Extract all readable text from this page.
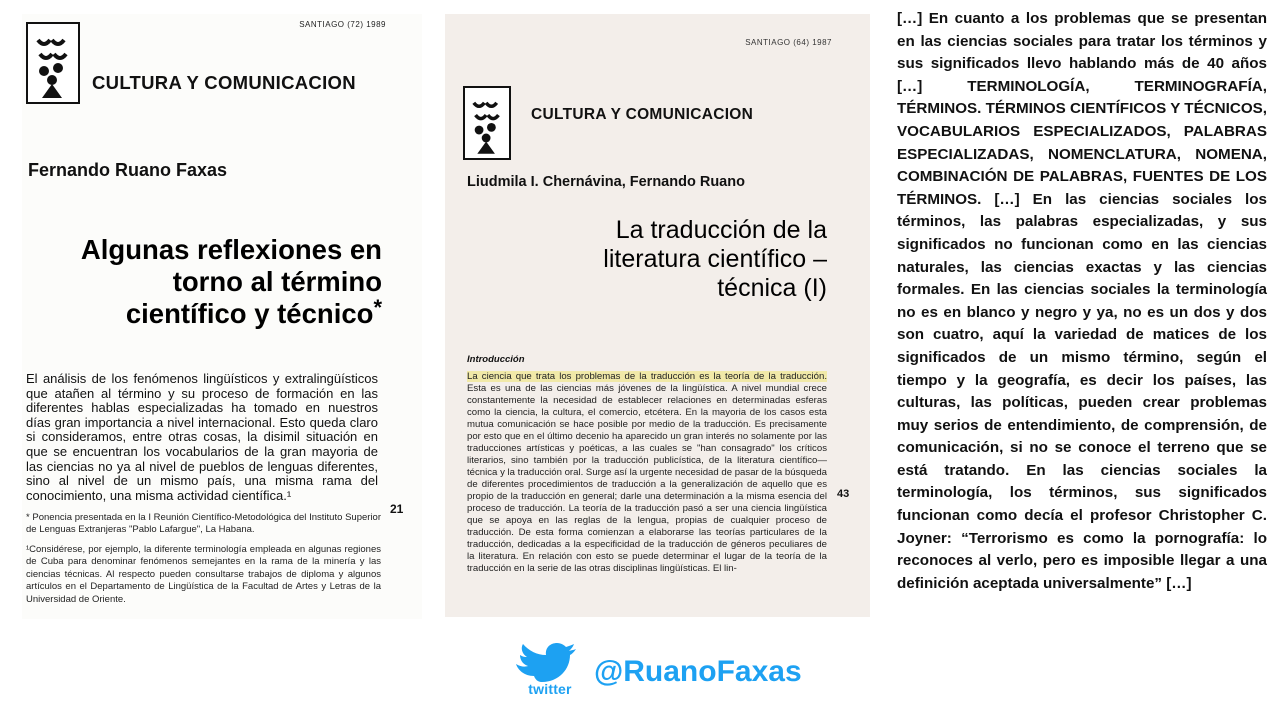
SANTIAGO (72) 1989
CULTURA Y COMUNICACION
Fernando Ruano Faxas
Algunas reflexiones en
torno al término
científico y técnico*
El análisis de los fenómenos lingüísticos y extralingüísticos que atañen al término y su proceso de formación en las diferentes hablas especializadas ha tomado en nuestros días gran importancia a nivel internacional. Esto queda claro si consideramos, entre otras cosas, la disimil situación en que se encuentran los vocabularios de la gran mayoria de las ciencias no ya al nivel de pueblos de lenguas diferentes, sino al nivel de un mismo país, una misma rama del conocimiento, una misma actividad científica.¹
21
* Ponencia presentada en la I Reunión Científico-Metodológica del Instituto Superior de Lenguas Extranjeras "Pablo Lafargue", La Habana.
¹Considérese, por ejemplo, la diferente terminología empleada en algunas regiones de Cuba para denominar fenómenos semejantes en la rama de la minería y las ciencias técnicas. Al respecto pueden consultarse trabajos de diploma y algunos artículos en el Departamento de Lingüística de la Facultad de Artes y Letras de la Universidad de Oriente.
SANTIAGO (64) 1987
CULTURA Y COMUNICACION
Liudmila I. Chernávina, Fernando Ruano
La traducción de la
literatura científico –
técnica (I)
Introducción
La ciencia que trata los problemas de la traducción es la teoría de la traducción. Esta es una de las ciencias más jóvenes de la lingüística. A nivel mundial crece constantemente la necesidad de establecer relaciones en determinadas esferas como la ciencia, la cultura, el comercio, etcétera. En la mayoria de los casos esta mutua comunicación se hace posible por medio de la traducción. Es precisamente por esto que en el último decenio ha aparecido un gran interés no solamente por las traducciones artísticas y poéticas, a las cuales se "han consagrado" los críticos literarios, sino también por la traducción publicística, de la literatura científico—técnica y la traducción oral. Surge así la urgente necesidad de pasar de la búsqueda de diferentes procedimientos de traducción a la generalización de aquello que es propio de la traducción en general; darle una determinación a la misma esencia del proceso de traducción. La teoría de la traducción pasó a ser una ciencia lingüística que se apoya en las reglas de la lengua, propias de cualquier proceso de traducción. De esta forma comienzan a elaborarse las teorías particulares de la traducción, dedicadas a la especificidad de la traducción de géneros peculiares de la literatura. En relación con esto se puede determinar el lugar de la teoría de la traducción en la serie de las otras disciplinas lingüísticas. El lin-
43
[…] En cuanto a los problemas que se presentan en las ciencias sociales para tratar los términos y sus significados llevo hablando más de 40 años […] TERMINOLOGÍA, TERMINOGRAFÍA, TÉRMINOS. TÉRMINOS CIENTÍFICOS Y TÉCNICOS, VOCABULARIOS ESPECIALIZADOS, PALABRAS ESPECIALIZADAS, NOMENCLATURA, NOMENA, COMBINACIÓN DE PALABRAS, FUENTES DE LOS TÉRMINOS. […] En las ciencias sociales los términos, las palabras especializadas, y sus significados no funcionan como en las ciencias naturales, las ciencias exactas y las ciencias formales. En las ciencias sociales la terminología no es en blanco y negro y ya, no es un dos y dos son cuatro, aquí la variedad de matices de los significados de un mismo término, según el tiempo y la geografía, es decir los países, las culturas, las políticas, pueden crear problemas muy serios de entendimiento, de comprensión, de comunicación, si no se conoce el terreno que se está tratando. En las ciencias sociales la terminología, los términos, sus significados funcionan como decía el profesor Christopher C. Joyner: “Terrorismo es como la pornografía: lo reconoces al verlo, pero es imposible llegar a una definición aceptada universalmente” […]
twitter
@RuanoFaxas
